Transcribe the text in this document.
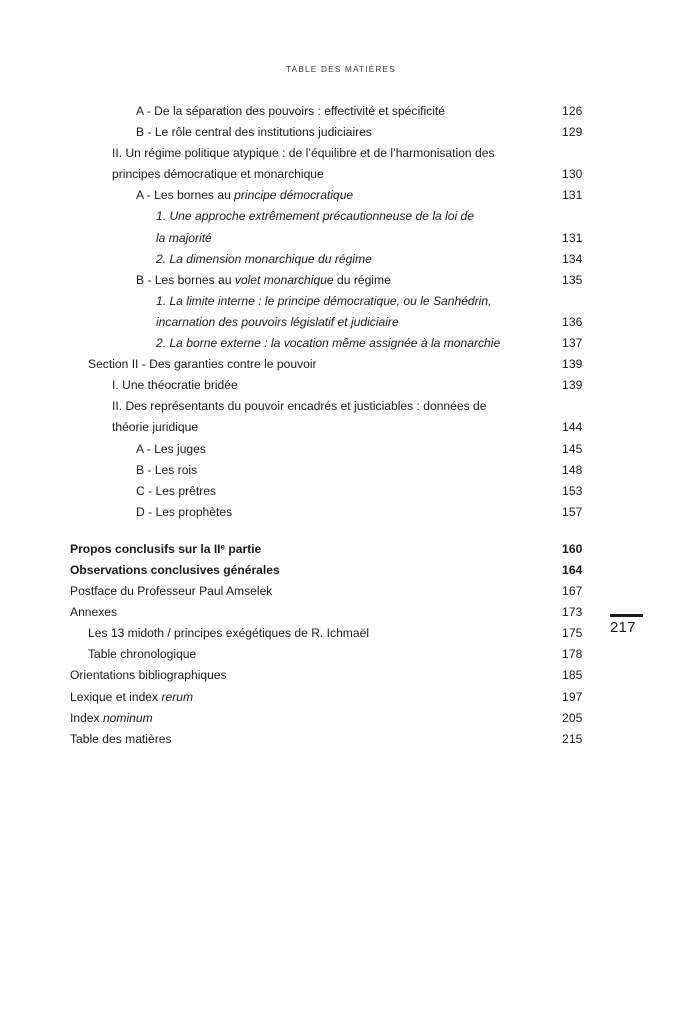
TABLE DES MATIÈRES
A - De la séparation des pouvoirs : effectivité et spécificité	126
B - Le rôle central des institutions judiciaires	129
II. Un régime politique atypique : de l’équilibre et de l’harmonisation des
principes démocratique et monarchique	130
A - Les bornes au principe démocratique	131
1. Une approche extrêmement précautionneuse de la loi de
la majorité	131
2. La dimension monarchique du régime	134
B - Les bornes au volet monarchique du régime	135
1. La limite interne : le principe démocratique, ou le Sanhédrin,
incarnation des pouvoirs législatif et judiciaire	136
2. La borne externe : la vocation même assignée à la monarchie	137
Section II - Des garanties contre le pouvoir	139
I. Une théocratie bridée	139
II. Des représentants du pouvoir encadrés et justiciables : données de
théorie juridique	144
A - Les juges	145
B - Les rois	148
C - Les prêtres	153
D - Les prophètes	157
Propos conclusifs sur la IIe partie	160
Observations conclusives générales	164
Postface du Professeur Paul Amselek	167
Annexes	173
Les 13 midoth / principes exégétiques de R. Ichmaël	175
Table chronologique	178
Orientations bibliographiques	185
Lexique et index rerum	197
Index nominum	205
Table des matières	215
217
